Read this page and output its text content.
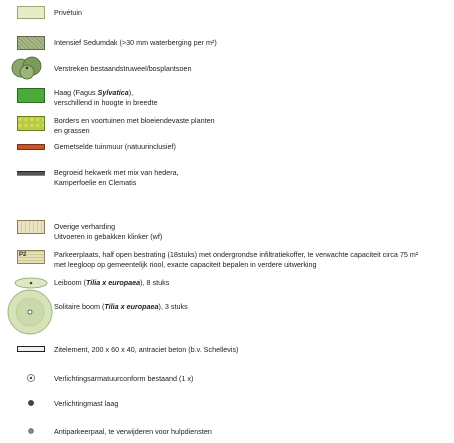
Privétuin
Intensief Sedumdak (>30 mm waterberging per m²)
Verstreken bestaandstruweel/bosplantsoen
Haag (Fagus Sylvatica),
verschillend in hoogte in breedte
Borders en voortuinen met bloeiendevaste planten
en grassen
Gemetselde tuinmuur (natuurinclusief)
Begroeid hekwerk met mix van hedera,
Kamperfoelie en Clematis
Overige verharding
Uitvoeren in gebakken klinker (wf)
P2	Parkeerplaats, half open bestrating (18stuks) met ondergrondse infiltratiekoffer, te verwachte capaciteit circa 75 m²
met leegloop op gemeentelijk riool, exacte capaciteit bepalen in verdere uitwerking
Leiboom (Tilia x europaea), 8 stuks
Solitaire boom (Tilia x europaea), 3 stuks
Zitelement, 200 x 60 x 40, antraciet beton (b.v. Schellevis)
Verlichtingsarmatuurconform bestaand (1 x)
Verlichtingmast laag
Antiparkeerpaal, te verwijderen voor hulpdiensten
